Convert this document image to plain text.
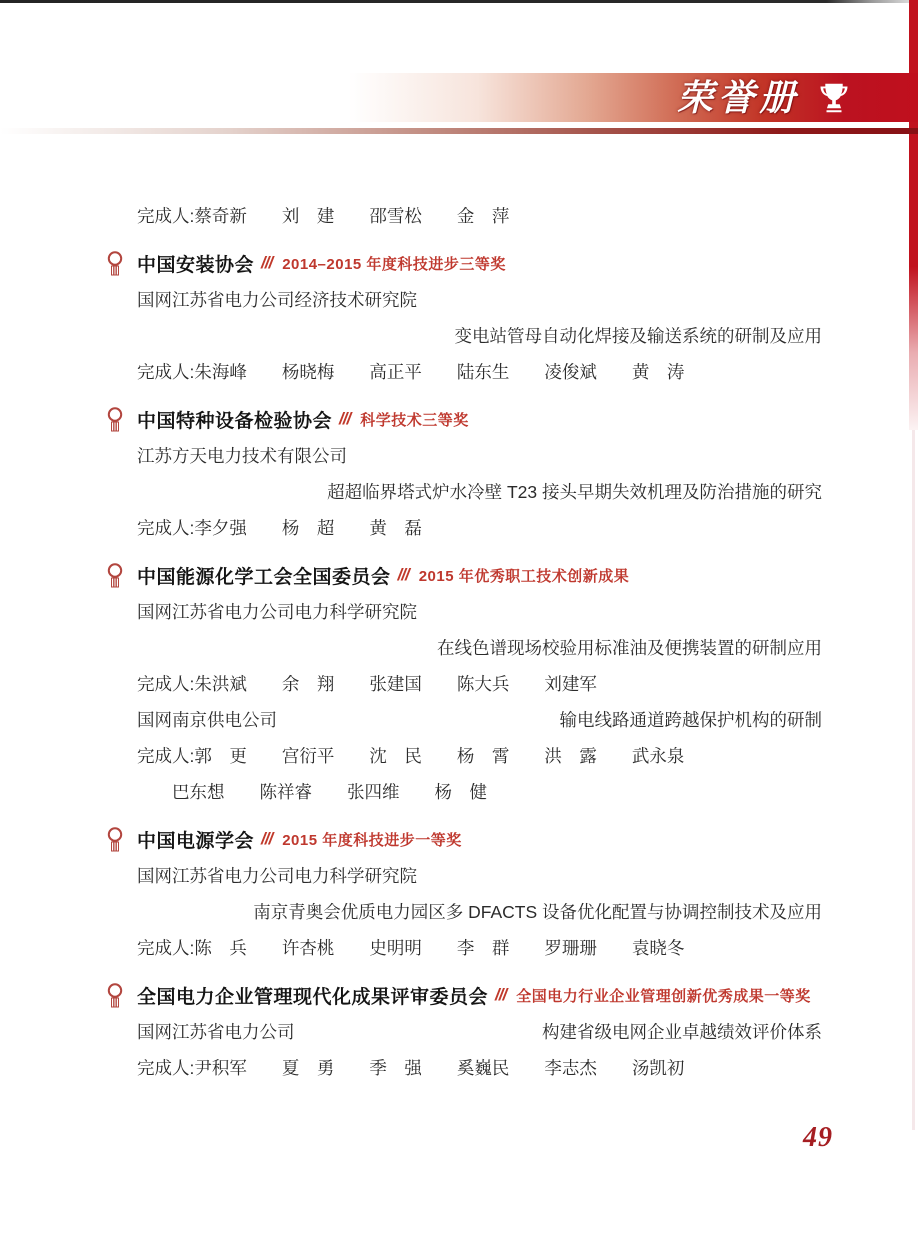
荣誉册
完成人:蔡奇新　　刘　建　　邵雪松　　金　萍
中国安装协会 /// 2014–2015 年度科技进步三等奖
国网江苏省电力公司经济技术研究院
变电站管母自动化焊接及输送系统的研制及应用
完成人:朱海峰　　杨晓梅　　高正平　　陆东生　　凌俊斌　　黄　涛
中国特种设备检验协会 /// 科学技术三等奖
江苏方天电力技术有限公司
超超临界塔式炉水冷壁 T23 接头早期失效机理及防治措施的研究
完成人:李夕强　　杨　超　　黄　磊
中国能源化学工会全国委员会 /// 2015 年优秀职工技术创新成果
国网江苏省电力公司电力科学研究院
在线色谱现场校验用标准油及便携装置的研制应用
完成人:朱洪斌　　余　翔　　张建国　　陈大兵　　刘建军
国网南京供电公司	输电线路通道跨越保护机构的研制
完成人:郭　更　　宫衍平　　沈　民　　杨　霄　　洪　露　　武永泉
巴东想　　陈祥睿　　张四维　　杨　健
中国电源学会 /// 2015 年度科技进步一等奖
国网江苏省电力公司电力科学研究院
南京青奥会优质电力园区多 DFACTS 设备优化配置与协调控制技术及应用
完成人:陈　兵　　许杏桃　　史明明　　李　群　　罗珊珊　　袁晓冬
全国电力企业管理现代化成果评审委员会 /// 全国电力行业企业管理创新优秀成果一等奖
国网江苏省电力公司	构建省级电网企业卓越绩效评价体系
完成人:尹积军　　夏　勇　　季　强　　奚巍民　　李志杰　　汤凯初
49
